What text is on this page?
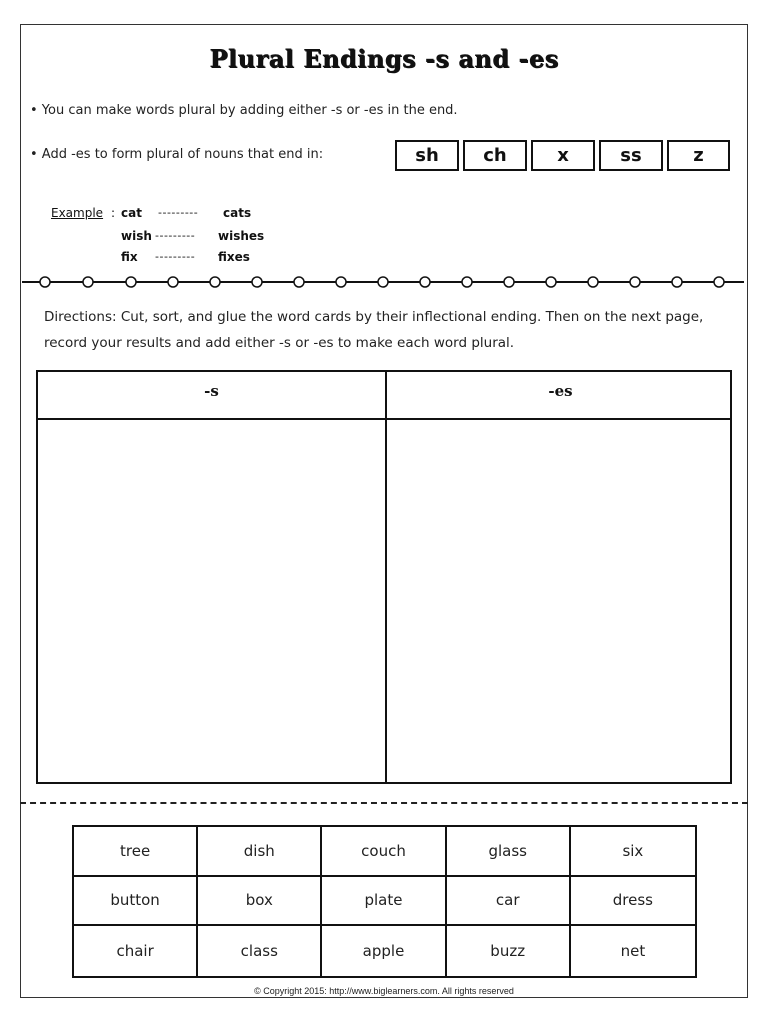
Plural Endings -s and -es
• You can make words plural by adding either -s or -es in the end.
• Add -es to form plural of nouns that end in:	sh	ch	x	ss	z
Example : cat --------- cats
wish --------- wishes
fix --------- fixes
Directions: Cut, sort, and glue the word cards by their inflectional ending. Then on the next page, record your results and add either -s or -es to make each word plural.
-s	-es
tree	dish	couch	glass	six
button	box	plate	car	dress
chair	class	apple	buzz	net
© Copyright 2015: http://www.biglearners.com. All rights reserved
